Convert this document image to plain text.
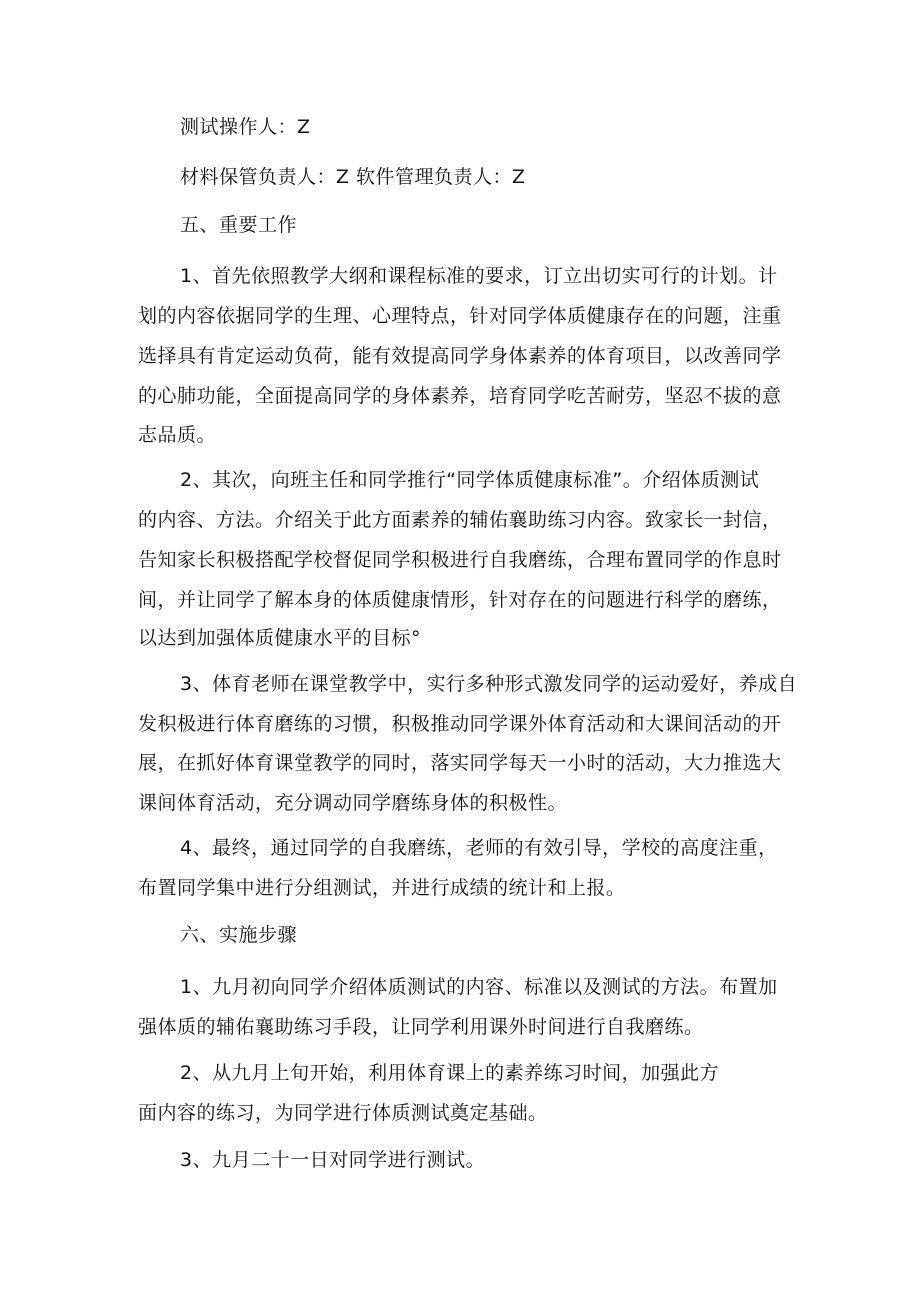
测试操作人：Z
材料保管负责人：Z 软件管理负责人：Z
五、重要工作
1、首先依照教学大纲和课程标准的要求，订立出切实可行的计划。计
划的内容依据同学的生理、心理特点，针对同学体质健康存在的问题，注重
选择具有肯定运动负荷，能有效提高同学身体素养的体育项目，以改善同学
的心肺功能，全面提高同学的身体素养，培育同学吃苦耐劳，坚忍不拔的意
志品质。
2、其次，向班主任和同学推行“同学体质健康标准”。介绍体质测试
的内容、方法。介绍关于此方面素养的辅佑襄助练习内容。致家长一封信，
告知家长积极搭配学校督促同学积极进行自我磨练，合理布置同学的作息时
间，并让同学了解本身的体质健康情形，针对存在的问题进行科学的磨练，
以达到加强体质健康水平的目标°
3、体育老师在课堂教学中，实行多种形式激发同学的运动爱好，养成自
发积极进行体育磨练的习惯，积极推动同学课外体育活动和大课间活动的开
展，在抓好体育课堂教学的同时，落实同学每天一小时的活动，大力推选大
课间体育活动，充分调动同学磨练身体的积极性。
4、最终，通过同学的自我磨练，老师的有效引导，学校的高度注重，
布置同学集中进行分组测试，并进行成绩的统计和上报。
六、实施步骤
1、九月初向同学介绍体质测试的内容、标准以及测试的方法。布置加
强体质的辅佑襄助练习手段，让同学利用课外时间进行自我磨练。
2、从九月上旬开始，利用体育课上的素养练习时间，加强此方
面内容的练习，为同学进行体质测试奠定基础。
3、九月二十一日对同学进行测试。
